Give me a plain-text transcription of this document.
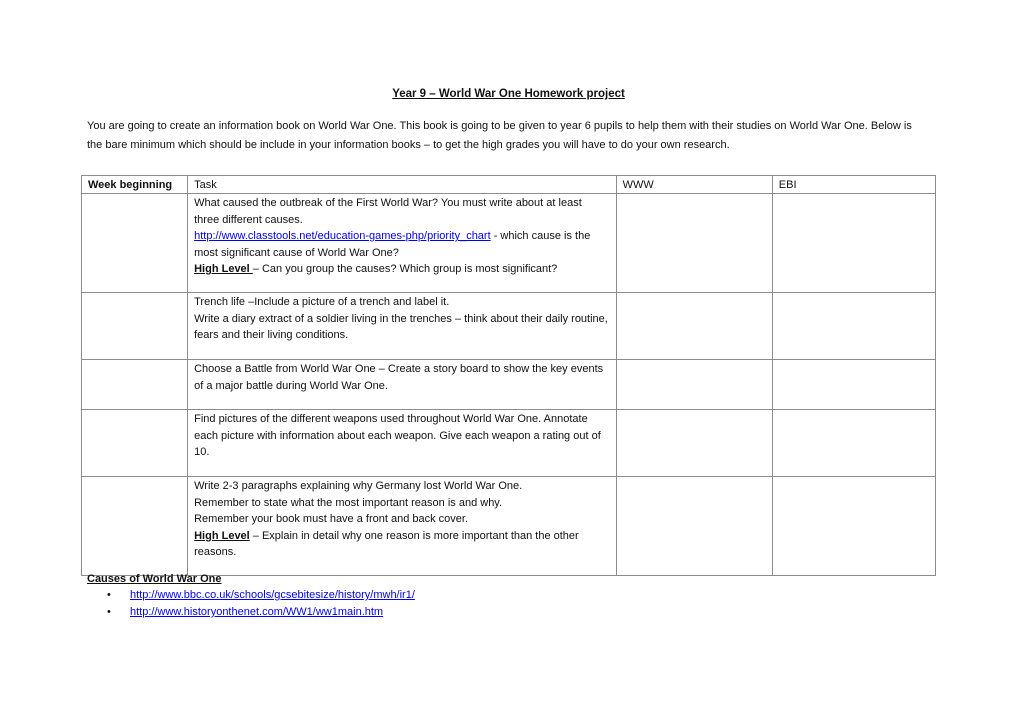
Year 9 – World War One Homework project
You are going to create an information book on World War One. This book is going to be given to year 6 pupils to help them with their studies on World War One. Below is the bare minimum which should be include in your information books – to get the high grades you will have to do your own research.
Week beginning	Task	WWW	EBI
	What caused the outbreak of the First World War? You must write about at least three different causes.
http://www.classtools.net/education-games-php/priority_chart - which cause is the most significant cause of World War One?
High Level – Can you group the causes? Which group is most significant?		
	Trench life –Include a picture of a trench and label it.
Write a diary extract of a soldier living in the trenches – think about their daily routine, fears and their living conditions.		
	Choose a Battle from World War One – Create a story board to show the key events of a major battle during World War One.		
	Find pictures of the different weapons used throughout World War One. Annotate each picture with information about each weapon. Give each weapon a rating out of 10.		
	Write 2-3 paragraphs explaining why Germany lost World War One.
Remember to state what the most important reason is and why.
Remember your book must have a front and back cover.
High Level – Explain in detail why one reason is more important than the other reasons.		
Causes of World War One
• http://www.bbc.co.uk/schools/gcsebitesize/history/mwh/ir1/
• http://www.historyonthenet.com/WW1/ww1main.htm
